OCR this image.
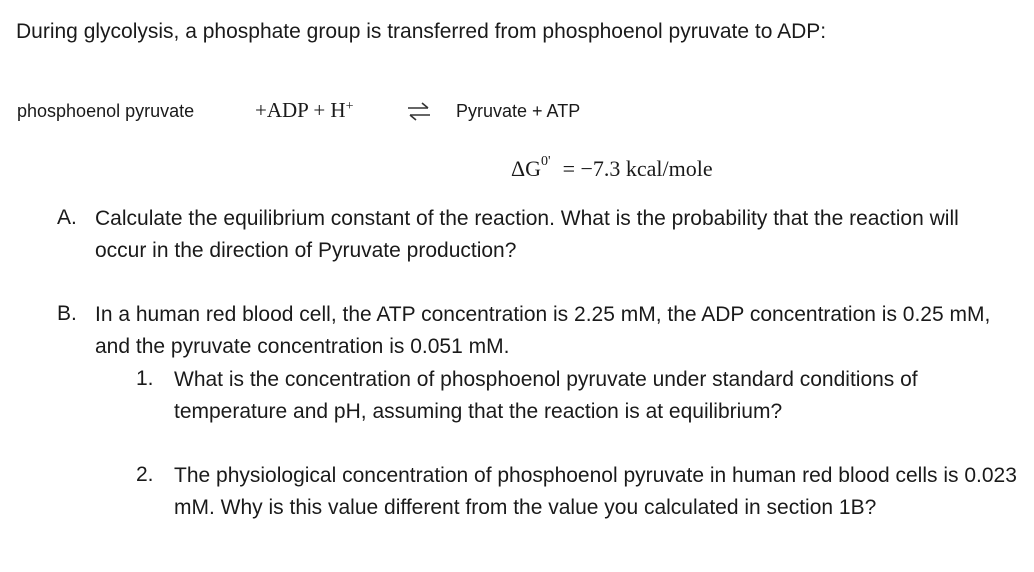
During glycolysis, a phosphate group is transferred from phosphoenol pyruvate to ADP:
phosphoenol pyruvate	+ADP + H+	⇌ Pyruvate + ATP
$\Delta G^{0'} = -7.3$ kcal/mole
A. Calculate the equilibrium constant of the reaction. What is the probability that the reaction will occur in the direction of Pyruvate production?
B. In a human red blood cell, the ATP concentration is 2.25 mM, the ADP concentration is 0.25 mM, and the pyruvate concentration is 0.051 mM.
1. What is the concentration of phosphoenol pyruvate under standard conditions of temperature and pH, assuming that the reaction is at equilibrium?
2. The physiological concentration of phosphoenol pyruvate in human red blood cells is 0.023 mM. Why is this value different from the value you calculated in section 1B?
